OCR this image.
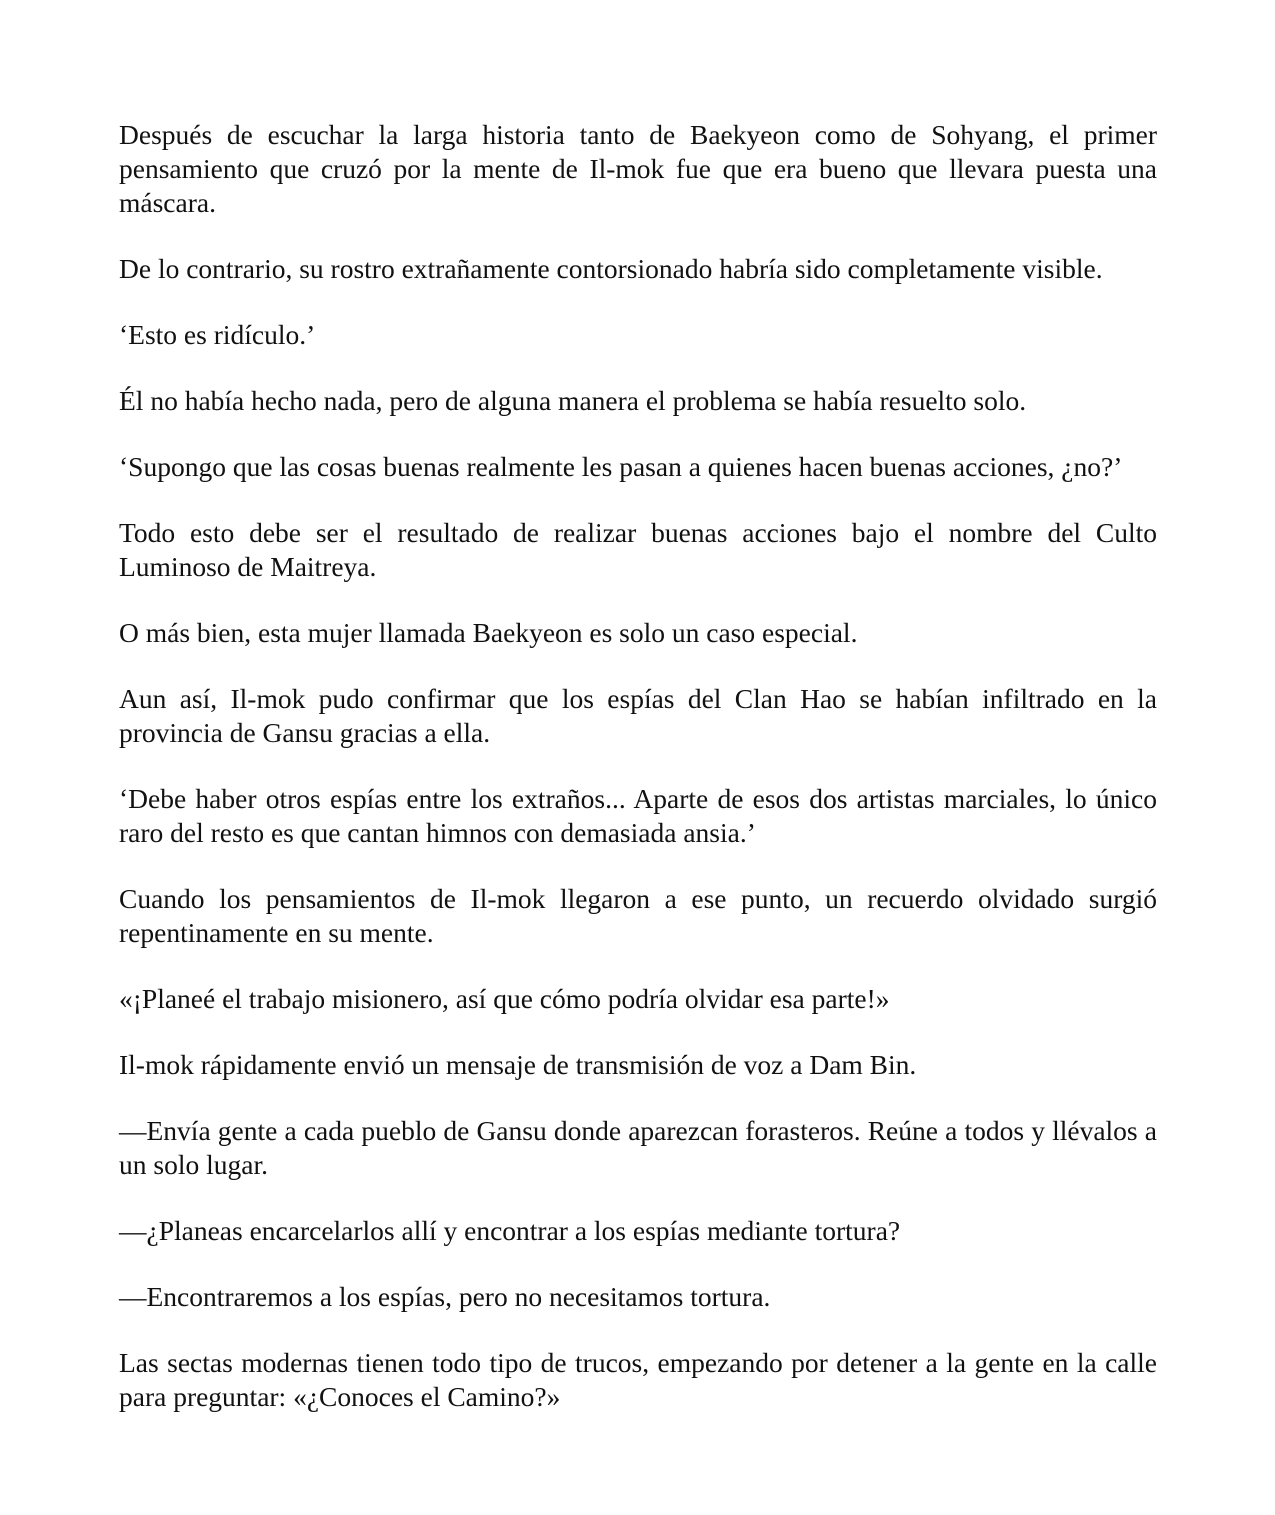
Después de escuchar la larga historia tanto de Baekyeon como de Sohyang, el primer pensamiento que cruzó por la mente de Il-mok fue que era bueno que llevara puesta una máscara.

De lo contrario, su rostro extrañamente contorsionado habría sido completamente visible.

‘Esto es ridículo.’

Él no había hecho nada, pero de alguna manera el problema se había resuelto solo.

‘Supongo que las cosas buenas realmente les pasan a quienes hacen buenas acciones, ¿no?’

Todo esto debe ser el resultado de realizar buenas acciones bajo el nombre del Culto Luminoso de Maitreya.

O más bien, esta mujer llamada Baekyeon es solo un caso especial.

Aun así, Il-mok pudo confirmar que los espías del Clan Hao se habían infiltrado en la provincia de Gansu gracias a ella.

‘Debe haber otros espías entre los extraños... Aparte de esos dos artistas marciales, lo único raro del resto es que cantan himnos con demasiada ansia.’

Cuando los pensamientos de Il-mok llegaron a ese punto, un recuerdo olvidado surgió repentinamente en su mente.

«¡Planeé el trabajo misionero, así que cómo podría olvidar esa parte!»

Il-mok rápidamente envió un mensaje de transmisión de voz a Dam Bin.

—Envía gente a cada pueblo de Gansu donde aparezcan forasteros. Reúne a todos y llévalos a un solo lugar.

—¿Planeas encarcelarlos allí y encontrar a los espías mediante tortura?

—Encontraremos a los espías, pero no necesitamos tortura.

Las sectas modernas tienen todo tipo de trucos, empezando por detener a la gente en la calle para preguntar: «¿Conoces el Camino?»
